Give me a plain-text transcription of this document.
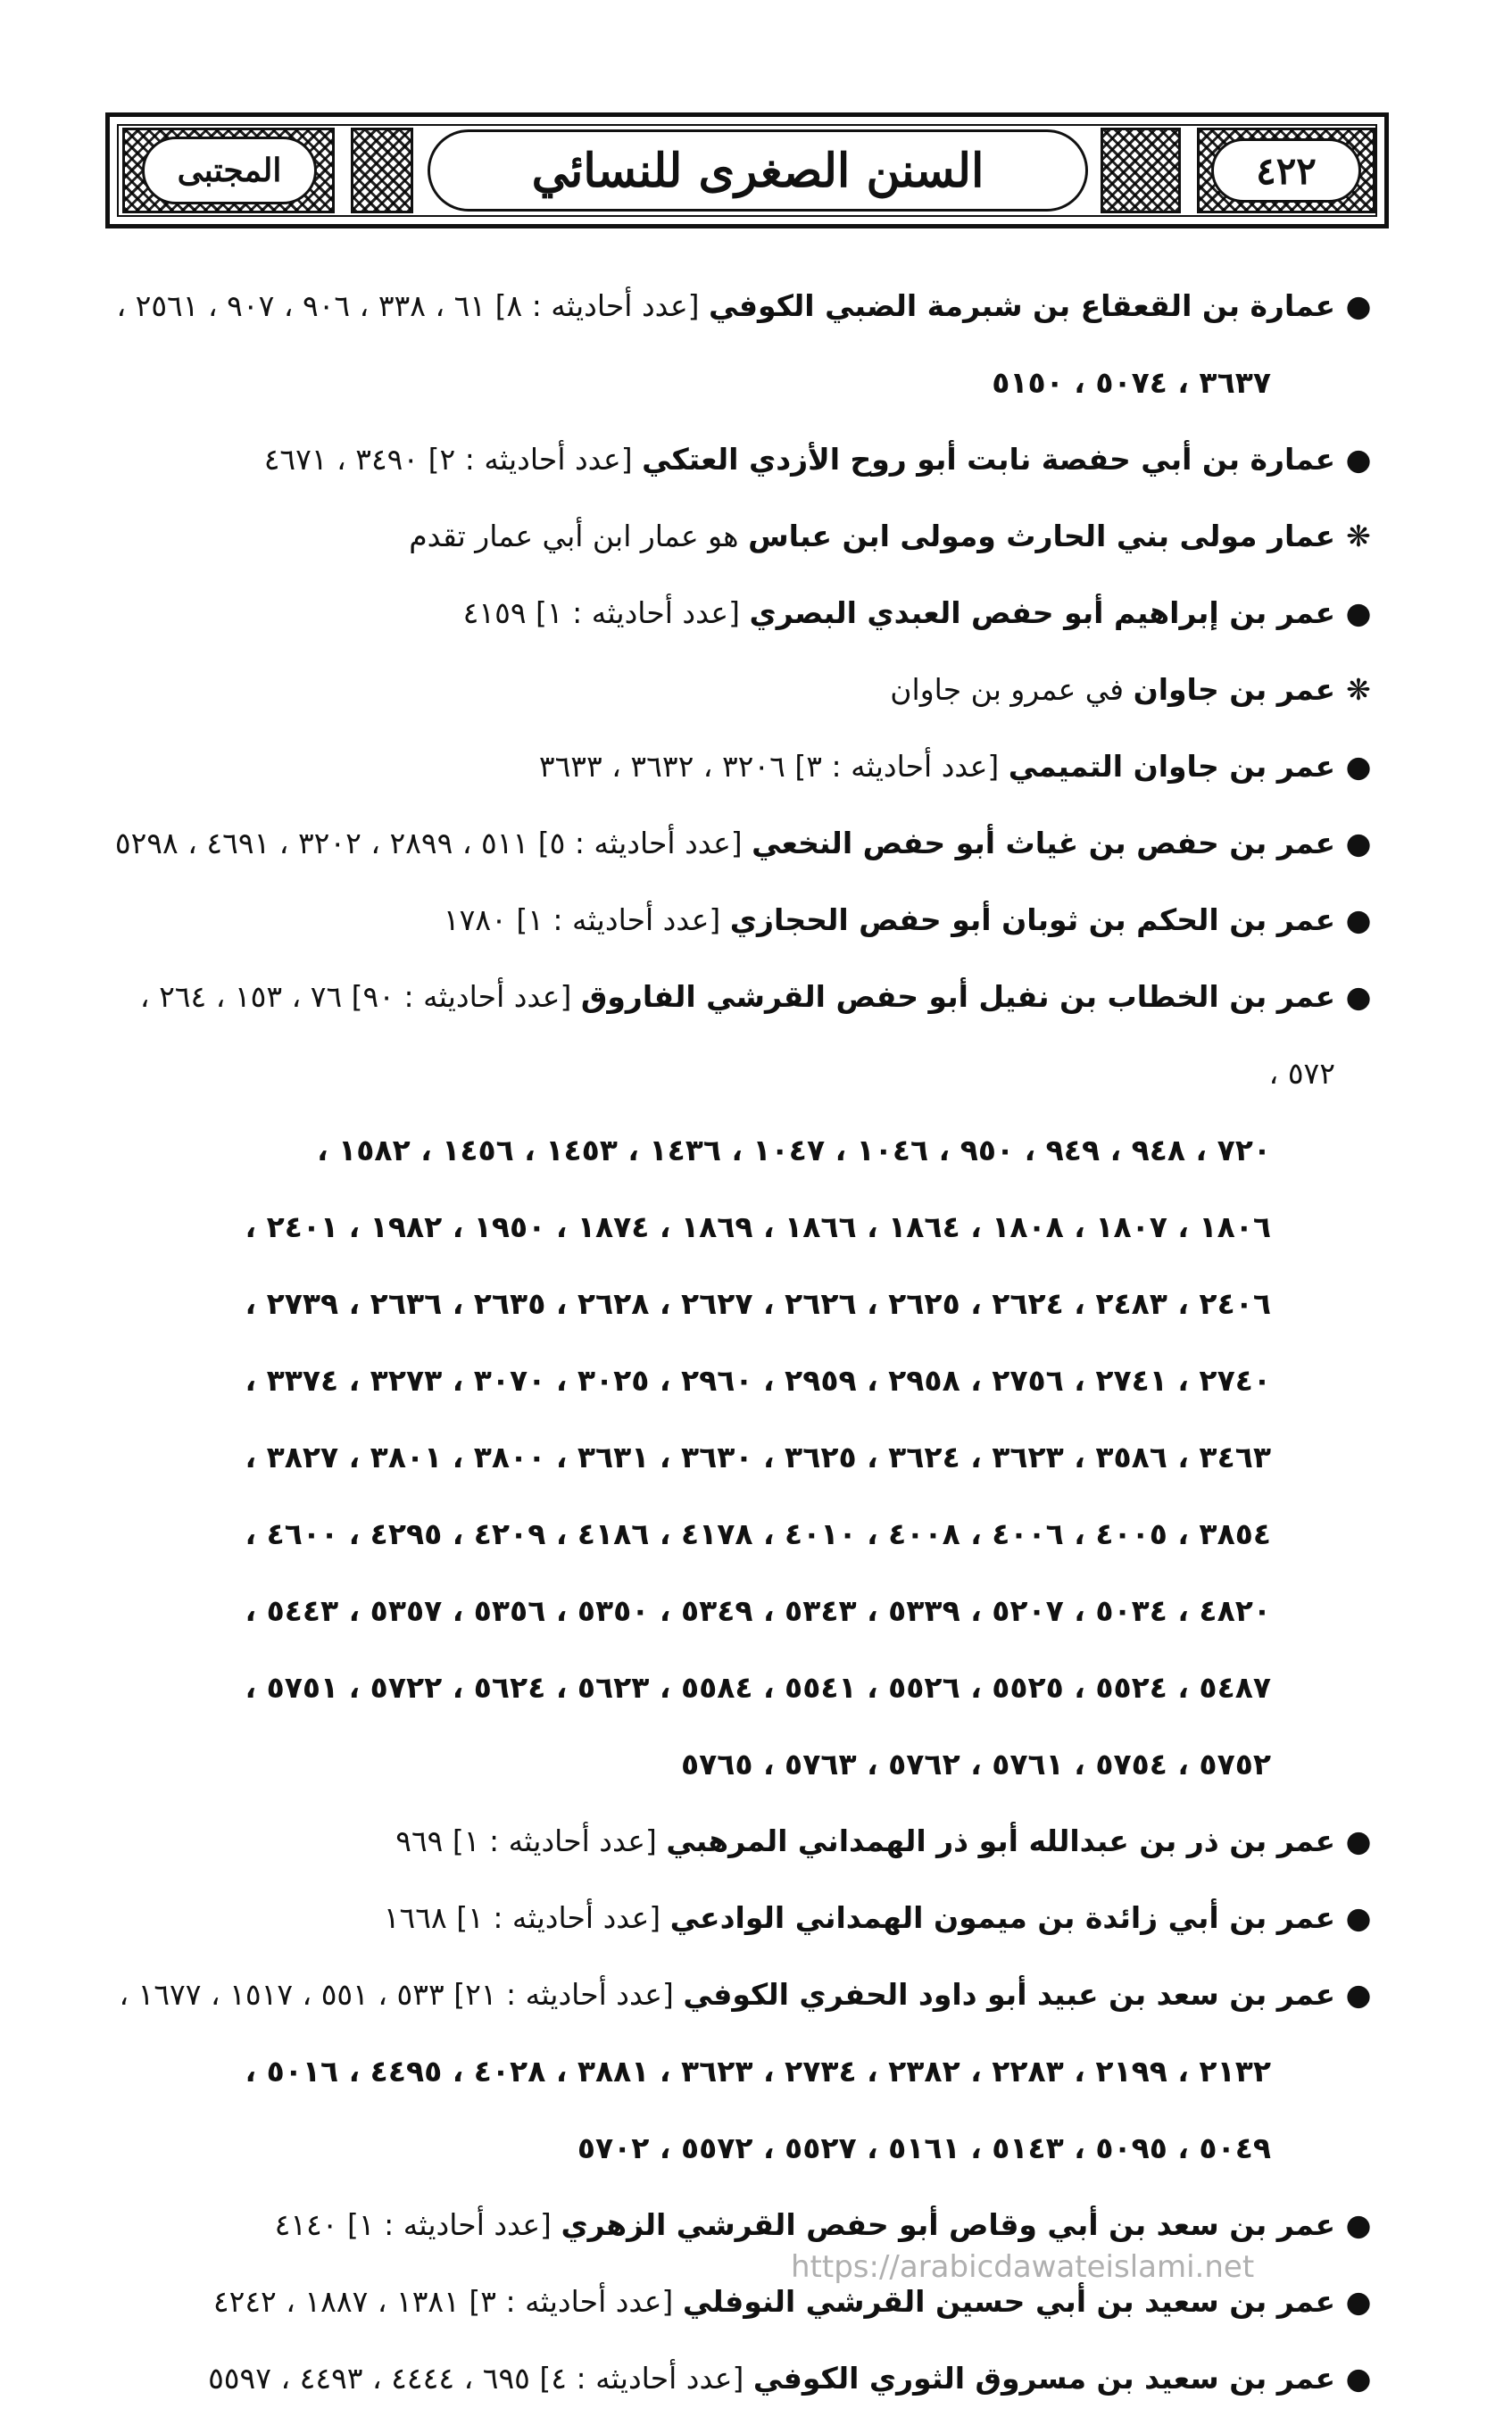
المجتبى	السنن الصغرى للنسائي	٤٢٢
●
عمارة بن القعقاع بن شبرمة الضبي الكوفي [عدد أحاديثه : ٨] ٦١ ، ٣٣٨ ، ٩٠٦ ، ٩٠٧ ، ٢٥٦١ ،
٣٦٣٧ ، ٥٠٧٤ ، ٥١٥٠
●
عمارة بن أبي حفصة نابت أبو روح الأزدي العتكي [عدد أحاديثه : ٢] ٣٤٩٠ ، ٤٦٧١
❋
عمار مولى بني الحارث ومولى ابن عباس هو عمار ابن أبي عمار تقدم
●
عمر بن إبراهيم أبو حفص العبدي البصري [عدد أحاديثه : ١] ٤١٥٩
❋
عمر بن جاوان في عمرو بن جاوان
●
عمر بن جاوان التميمي [عدد أحاديثه : ٣] ٣٢٠٦ ، ٣٦٣٢ ، ٣٦٣٣
●
عمر بن حفص بن غياث أبو حفص النخعي [عدد أحاديثه : ٥] ٥١١ ، ٢٨٩٩ ، ٣٢٠٢ ، ٤٦٩١ ، ٥٢٩٨
●
عمر بن الحكم بن ثوبان أبو حفص الحجازي [عدد أحاديثه : ١] ١٧٨٠
●
عمر بن الخطاب بن نفيل أبو حفص القرشي الفاروق [عدد أحاديثه : ٩٠] ٧٦ ، ١٥٣ ، ٢٦٤ ، ٥٧٢ ،
٧٢٠ ، ٩٤٨ ، ٩٤٩ ، ٩٥٠ ، ١٠٤٦ ، ١٠٤٧ ، ١٤٣٦ ، ١٤٥٣ ، ١٤٥٦ ، ١٥٨٢ ،
١٨٠٦ ، ١٨٠٧ ، ١٨٠٨ ، ١٨٦٤ ، ١٨٦٦ ، ١٨٦٩ ، ١٨٧٤ ، ١٩٥٠ ، ١٩٨٢ ، ٢٤٠١ ،
٢٤٠٦ ، ٢٤٨٣ ، ٢٦٢٤ ، ٢٦٢٥ ، ٢٦٢٦ ، ٢٦٢٧ ، ٢٦٢٨ ، ٢٦٣٥ ، ٢٦٣٦ ، ٢٧٣٩ ،
٢٧٤٠ ، ٢٧٤١ ، ٢٧٥٦ ، ٢٩٥٨ ، ٢٩٥٩ ، ٢٩٦٠ ، ٣٠٢٥ ، ٣٠٧٠ ، ٣٢٧٣ ، ٣٣٧٤ ،
٣٤٦٣ ، ٣٥٨٦ ، ٣٦٢٣ ، ٣٦٢٤ ، ٣٦٢٥ ، ٣٦٣٠ ، ٣٦٣١ ، ٣٨٠٠ ، ٣٨٠١ ، ٣٨٢٧ ،
٣٨٥٤ ، ٤٠٠٥ ، ٤٠٠٦ ، ٤٠٠٨ ، ٤٠١٠ ، ٤١٧٨ ، ٤١٨٦ ، ٤٢٠٩ ، ٤٢٩٥ ، ٤٦٠٠ ،
٤٨٢٠ ، ٥٠٣٤ ، ٥٢٠٧ ، ٥٣٣٩ ، ٥٣٤٣ ، ٥٣٤٩ ، ٥٣٥٠ ، ٥٣٥٦ ، ٥٣٥٧ ، ٥٤٤٣ ،
٥٤٨٧ ، ٥٥٢٤ ، ٥٥٢٥ ، ٥٥٢٦ ، ٥٥٤١ ، ٥٥٨٤ ، ٥٦٢٣ ، ٥٦٢٤ ، ٥٧٢٢ ، ٥٧٥١ ،
٥٧٥٢ ، ٥٧٥٤ ، ٥٧٦١ ، ٥٧٦٢ ، ٥٧٦٣ ، ٥٧٦٥
●
عمر بن ذر بن عبدالله أبو ذر الهمداني المرهبي [عدد أحاديثه : ١] ٩٦٩
●
عمر بن أبي زائدة بن ميمون الهمداني الوادعي [عدد أحاديثه : ١] ١٦٦٨
●
عمر بن سعد بن عبيد أبو داود الحفري الكوفي [عدد أحاديثه : ٢١] ٥٣٣ ، ٥٥١ ، ١٥١٧ ، ١٦٧٧ ،
٢١٣٢ ، ٢١٩٩ ، ٢٢٨٣ ، ٢٣٨٢ ، ٢٧٣٤ ، ٣٦٢٣ ، ٣٨٨١ ، ٤٠٢٨ ، ٤٤٩٥ ، ٥٠١٦ ،
٥٠٤٩ ، ٥٠٩٥ ، ٥١٤٣ ، ٥١٦١ ، ٥٥٢٧ ، ٥٥٧٢ ، ٥٧٠٢
●
عمر بن سعد بن أبي وقاص أبو حفص القرشي الزهري [عدد أحاديثه : ١] ٤١٤٠
●
عمر بن سعيد بن أبي حسين القرشي النوفلي [عدد أحاديثه : ٣] ١٣٨١ ، ١٨٨٧ ، ٤٢٤٢
●
عمر بن سعيد بن مسروق الثوري الكوفي [عدد أحاديثه : ٤] ٦٩٥ ، ٤٤٤٤ ، ٤٤٩٣ ، ٥٥٩٧
https://arabicdawateislami.net
